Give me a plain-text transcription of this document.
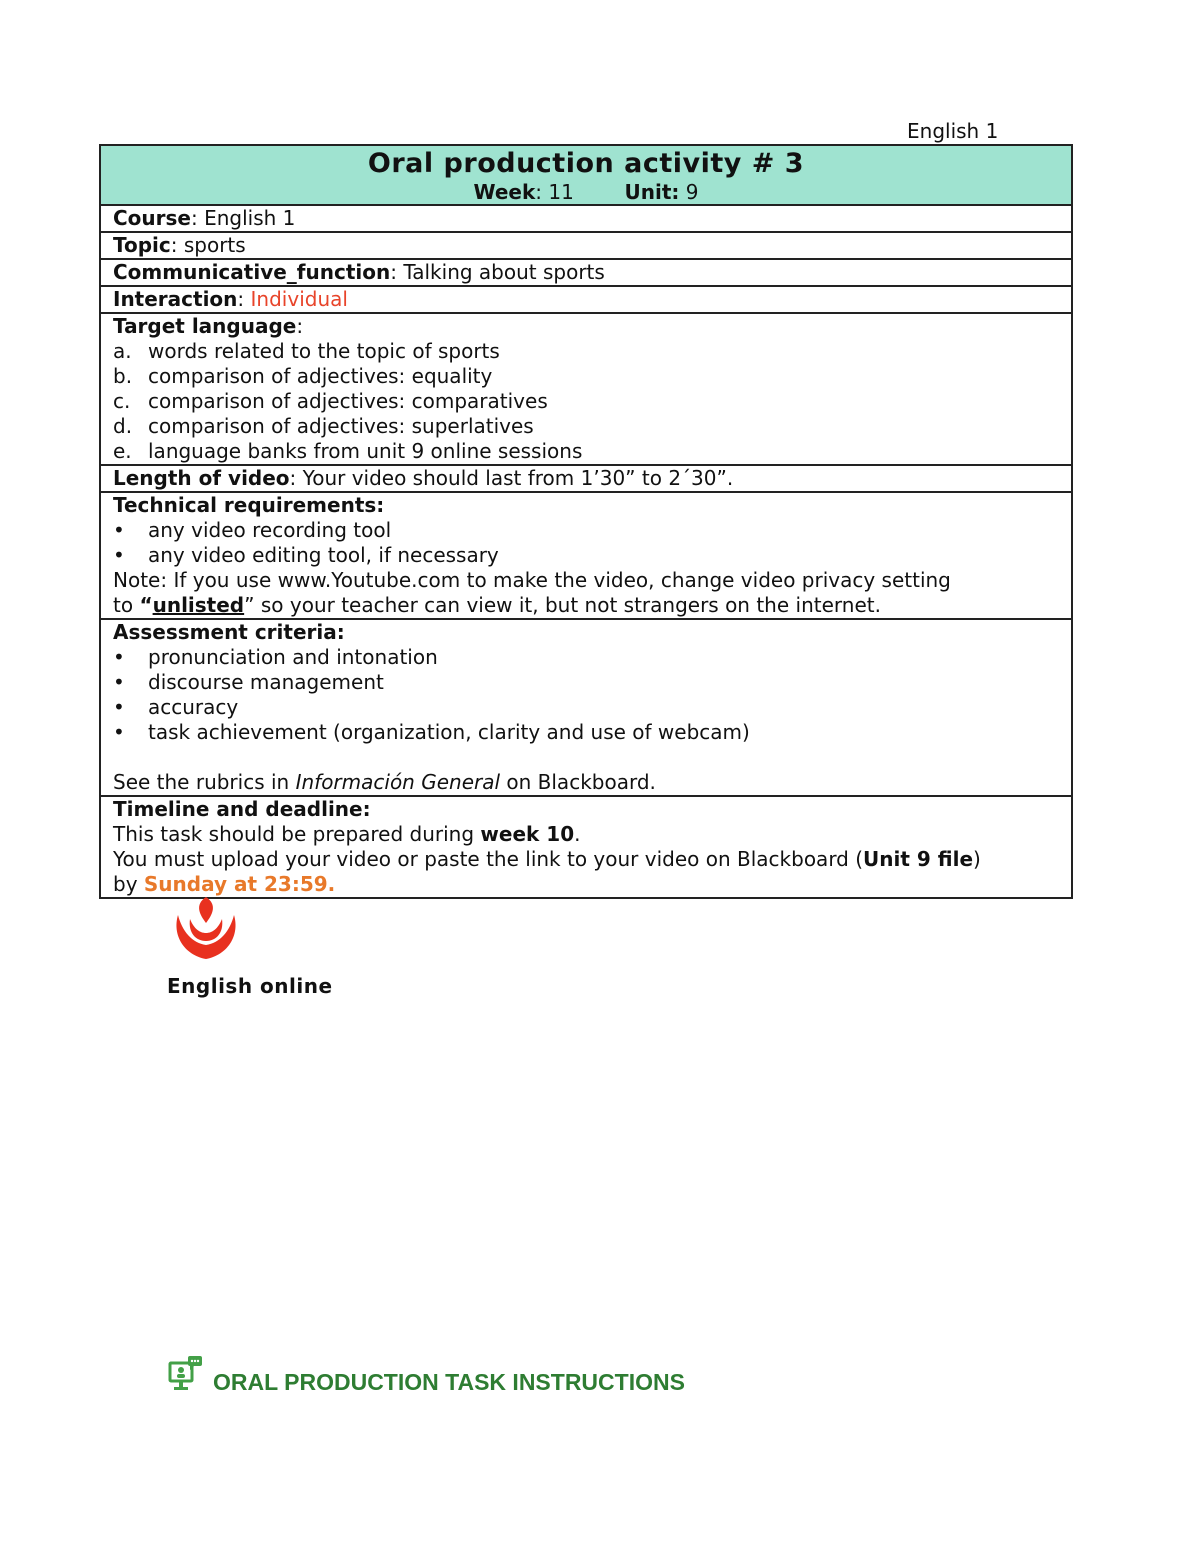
English 1
Oral production activity # 3
Week: 11	Unit: 9

Course: English 1
Topic: sports
Communicative_function: Talking about sports
Interaction: Individual

Target language:
a. words related to the topic of sports
b. comparison of adjectives: equality
c. comparison of adjectives: comparatives
d. comparison of adjectives: superlatives
e. language banks from unit 9 online sessions

Length of video: Your video should last from 1’30” to 2´30”.

Technical requirements:
•	any video recording tool
•	any video editing tool, if necessary
Note: If you use www.Youtube.com to make the video, change video privacy setting
to “unlisted” so your teacher can view it, but not strangers on the internet.

Assessment criteria:
•	pronunciation and intonation
•	discourse management
•	accuracy
•	task achievement (organization, clarity and use of webcam)
See the rubrics in Información General on Blackboard.

Timeline and deadline:
This task should be prepared during week 10.
You must upload your video or paste the link to your video on Blackboard (Unit 9 file)
by Sunday at 23:59.
English online
ORAL PRODUCTION TASK INSTRUCTIONS
